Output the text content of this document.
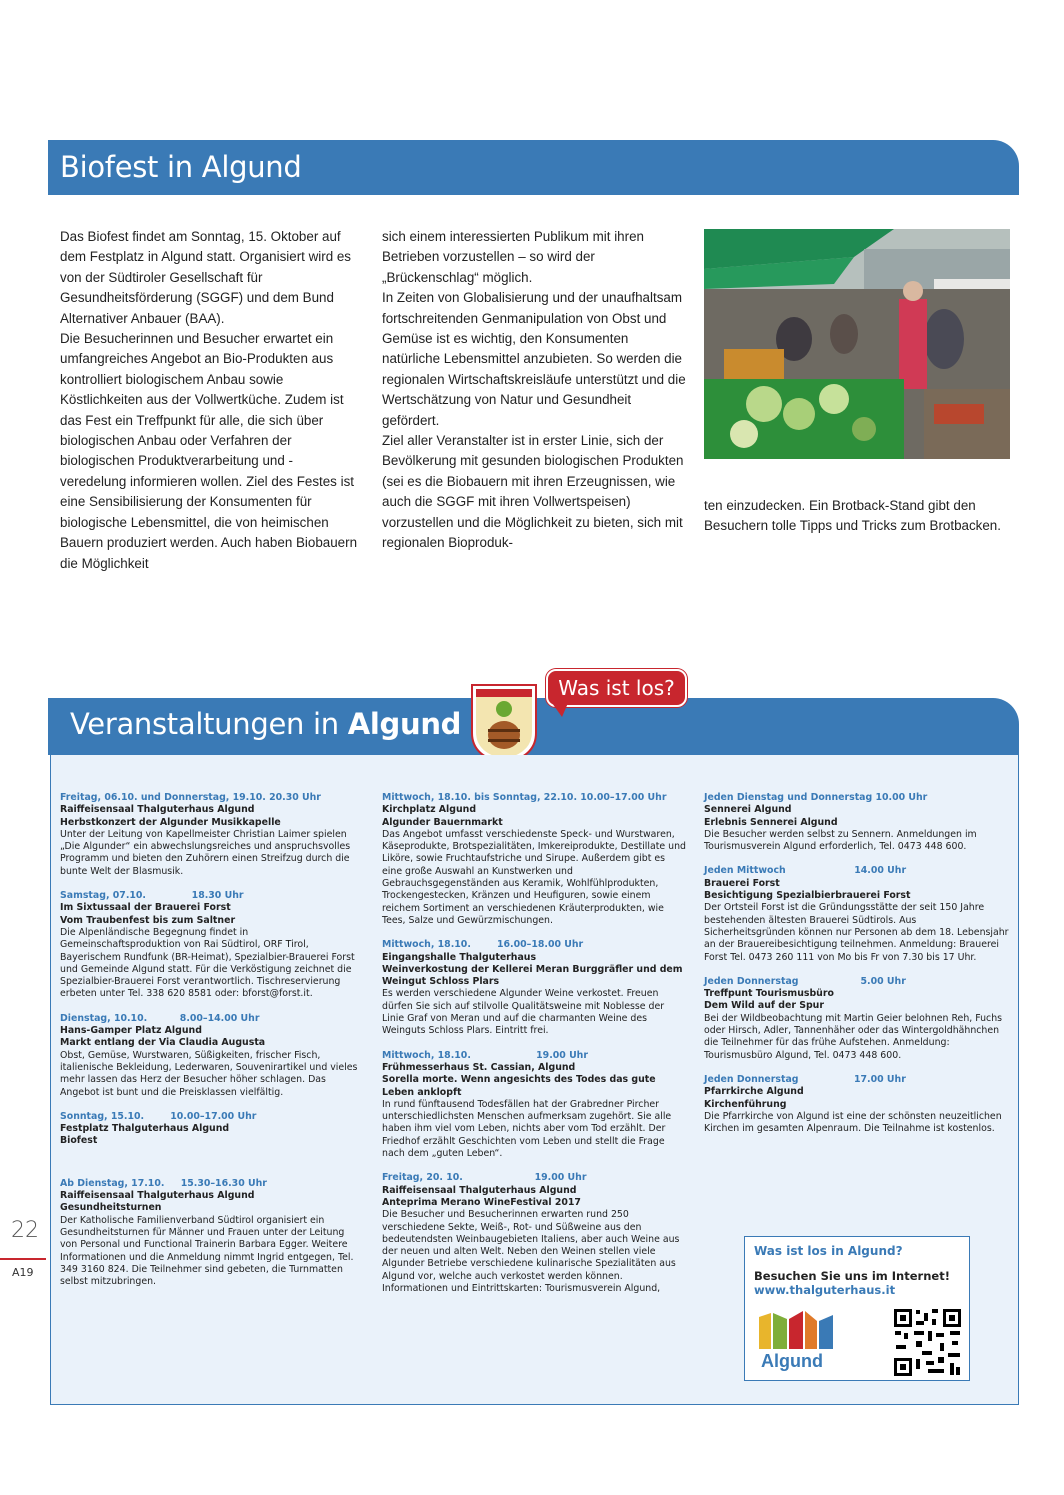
Biofest in Algund

Das Biofest findet am Sonntag, 15. Oktober auf dem Festplatz in Algund statt. Organisiert wird es von der Südtiroler Gesellschaft für Gesundheitsförderung (SGGF) und dem Bund Alternativer Anbauer (BAA).

Die Besucherinnen und Besucher erwartet ein umfangreiches Angebot an Bio-Produkten aus kontrolliert biologischem Anbau sowie Köstlichkeiten aus der Vollwertküche. Zudem ist das Fest ein Treffpunkt für alle, die sich über biologischen Anbau oder Verfahren der biologischen Produktverarbeitung und -veredelung informieren wollen. Ziel des Festes ist eine Sensibilisierung der Konsumenten für biologische Lebensmittel, die von heimischen Bauern produziert werden. Auch haben Biobauern die Möglichkeit

sich einem interessierten Publikum mit ihren Betrieben vorzustellen – so wird der „Brückenschlag“ möglich.

In Zeiten von Globalisierung und der unaufhaltsam fortschreitenden Genmanipulation von Obst und Gemüse ist es wichtig, den Konsumenten natürliche Lebensmittel anzubieten. So werden die regionalen Wirtschaftskreisläufe unterstützt und die Wertschätzung von Natur und Gesundheit gefördert.

Ziel aller Veranstalter ist in erster Linie, sich der Bevölkerung mit gesunden biologischen Produkten (sei es die Biobauern mit ihren Erzeugnissen, wie auch die SGGF mit ihren Vollwertspeisen) vorzustellen und die Möglichkeit zu bieten, sich mit regionalen Bioproduk-

ten einzudecken. Ein Brotback-Stand gibt den Besuchern tolle Tipps und Tricks zum Brotbacken.

Veranstaltungen in Algund
Was ist los?
Freitag, 06.10. und Donnerstag, 19.10. 20.30 Uhr
Raiffeisensaal Thalguterhaus Algund
Herbstkonzert der Algunder Musikkapelle
Unter der Leitung von Kapellmeister Christian Laimer spielen „Die Algunder“ ein abwechslungsreiches und anspruchsvolles Programm und bieten den Zuhörern einen Streifzug durch die bunte Welt der Blasmusik.
Samstag, 07.10.              18.30 Uhr
Im Sixtussaal der Brauerei Forst
Vom Traubenfest bis zum Saltner
Die Alpenländische Begegnung findet in Gemeinschaftsproduktion von Rai Südtirol, ORF Tirol, Bayerischem Rundfunk (BR-Heimat), Spezialbier-Brauerei Forst und Gemeinde Algund statt. Für die Verköstigung zeichnet die Spezialbier-Brauerei Forst verantwortlich. Tischreservierung erbeten unter Tel. 338 620 8581 oder: bforst@forst.it.
Dienstag, 10.10.          8.00–14.00 Uhr
Hans-Gamper Platz Algund
Markt entlang der Via Claudia Augusta
Obst, Gemüse, Wurstwaren, Süßigkeiten, frischer Fisch, italienische Bekleidung, Lederwaren, Souvenirartikel und vieles mehr lassen das Herz der Besucher höher schlagen. Das Angebot ist bunt und die Preisklassen vielfältig.
Sonntag, 15.10.        10.00–17.00 Uhr
Festplatz Thalguterhaus Algund
Biofest
Ab Dienstag, 17.10.     15.30–16.30 Uhr
Raiffeisensaal Thalguterhaus Algund
Gesundheitsturnen
Der Katholische Familienverband Südtirol organisiert ein Gesundheitsturnen für Männer und Frauen unter der Leitung von Personal und Functional Trainerin Barbara Egger. Weitere Informationen und die Anmeldung nimmt Ingrid entgegen, Tel. 349 3160 824. Die Teilnehmer sind gebeten, die Turnmatten selbst mitzubringen.
Mittwoch, 18.10. bis Sonntag, 22.10. 10.00–17.00 Uhr
Kirchplatz Algund
Algunder Bauernmarkt
Das Angebot umfasst verschiedenste Speck- und Wurstwaren, Käseprodukte, Brotspezialitäten, Imkereiprodukte, Destillate und Liköre, sowie Fruchtaufstriche und Sirupe. Außerdem gibt es eine große Auswahl an Kunstwerken und Gebrauchsgegenständen aus Keramik, Wohlfühlprodukten, Trockengestecken, Kränzen und Heufiguren, sowie einem reichem Sortiment an verschiedenen Kräuterprodukten, wie Tees, Salze und Gewürzmischungen.
Mittwoch, 18.10.        16.00–18.00 Uhr
Eingangshalle Thalguterhaus
Weinverkostung der Kellerei Meran Burggräfler und dem Weingut Schloss Plars
Es werden verschiedene Algunder Weine verkostet. Freuen dürfen Sie sich auf stilvolle Qualitätsweine mit Noblesse der Linie Graf von Meran und auf die charmanten Weine des Weinguts Schloss Plars. Eintritt frei.
Mittwoch, 18.10.                    19.00 Uhr
Frühmesserhaus St. Cassian, Algund
Sorella morte. Wenn angesichts des Todes das gute Leben anklopft
In rund fünftausend Todesfällen hat der Grabredner Pircher unterschiedlichsten Menschen aufmerksam zugehört. Sie alle haben ihm viel vom Leben, nichts aber vom Tod erzählt. Der Friedhof erzählt Geschichten vom Leben und stellt die Frage nach dem „guten Leben“.
Freitag, 20. 10.                      19.00 Uhr
Raiffeisensaal Thalguterhaus Algund
Anteprima Merano WineFestival 2017
Die Besucher und Besucherinnen erwarten rund 250 verschiedene Sekte, Weiß-, Rot- und Süßweine aus den bedeutendsten Weinbaugebieten Italiens, aber auch Weine aus der neuen und alten Welt. Neben den Weinen stellen viele Algunder Betriebe verschiedene kulinarische Spezialitäten aus Algund vor, welche auch verkostet werden können. Informationen und Eintrittskarten: Tourismusverein Algund,
Jeden Dienstag und Donnerstag 10.00 Uhr
Sennerei Algund
Erlebnis Sennerei Algund
Die Besucher werden selbst zu Sennern. Anmeldungen im Tourismusverein Algund erforderlich, Tel. 0473 448 600.
Jeden Mittwoch                     14.00 Uhr
Brauerei Forst
Besichtigung Spezialbierbrauerei Forst
Der Ortsteil Forst ist die Gründungsstätte der seit 150 Jahre bestehenden ältesten Brauerei Südtirols. Aus Sicherheitsgründen können nur Personen ab dem 18. Lebensjahr an der Brauereibesichtigung teilnehmen. Anmeldung: Brauerei Forst Tel. 0473 260 111 von Mo bis Fr von 7.30 bis 17 Uhr.
Jeden Donnerstag                   5.00 Uhr
Treffpunt Tourismusbüro
Dem Wild auf der Spur
Bei der Wildbeobachtung mit Martin Geier belohnen Reh, Fuchs oder Hirsch, Adler, Tannenhäher oder das Wintergoldhähnchen die Teilnehmer für das frühe Aufstehen. Anmeldung: Tourismusbüro Algund, Tel. 0473 448 600.
Jeden Donnerstag                 17.00 Uhr
Pfarrkirche Algund
Kirchenführung
Die Pfarrkirche von Algund ist eine der schönsten neuzeitlichen Kirchen im gesamten Alpenraum. Die Teilnahme ist kostenlos.
Was ist los in Algund?
Besuchen Sie uns im Internet!
www.thalguterhaus.it
Algund
22
A19
